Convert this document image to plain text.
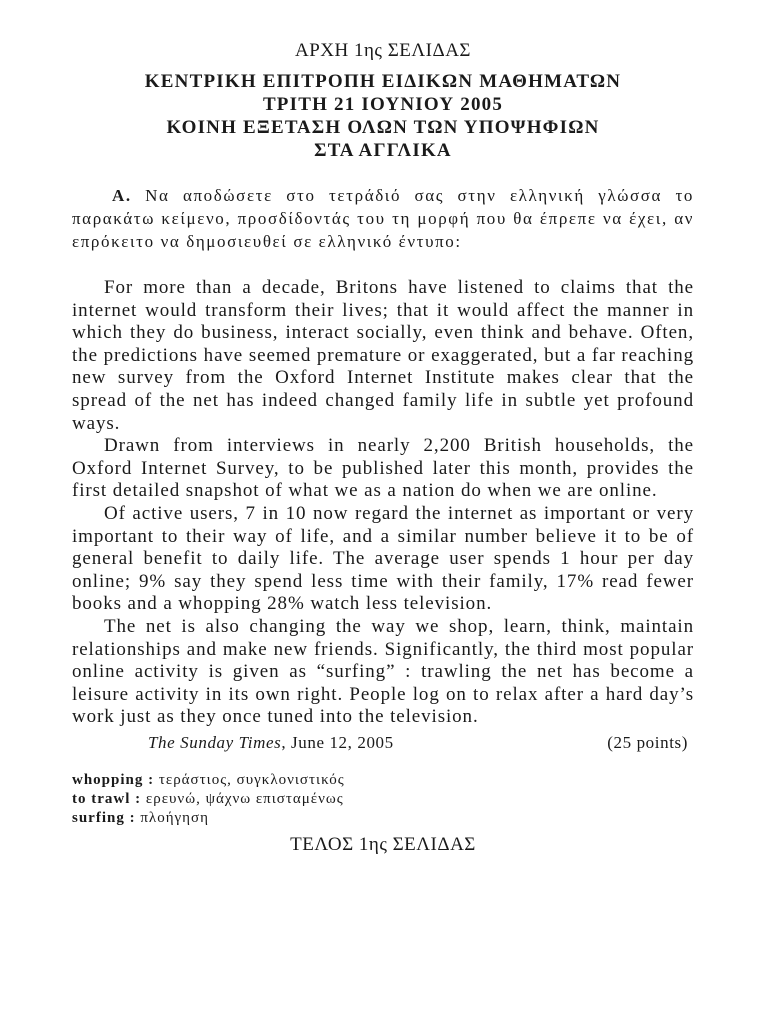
ΑΡΧΗ 1ης ΣΕΛΙΔΑΣ
ΚΕΝΤΡΙΚΗ ΕΠΙΤΡΟΠΗ ΕΙΔΙΚΩΝ ΜΑΘΗΜΑΤΩΝ
ΤΡΙΤΗ 21 ΙΟΥΝΙΟΥ 2005
ΚΟΙΝΗ ΕΞΕΤΑΣΗ ΟΛΩΝ ΤΩΝ ΥΠΟΨΗΦΙΩΝ
ΣΤΑ ΑΓΓΛΙΚΑ
Α. Να αποδώσετε στο τετράδιό σας στην ελληνική γλώσσα το παρακάτω κείμενο, προσδίδοντάς του τη μορφή που θα έπρεπε να έχει, αν επρόκειτο να δημοσιευθεί σε ελληνικό έντυπο:

For more than a decade, Britons have listened to claims that the internet would transform their lives; that it would affect the manner in which they do business, interact socially, even think and behave. Often, the predictions have seemed premature or exaggerated, but a far reaching new survey from the Oxford Internet Institute makes clear that the spread of the net has indeed changed family life in subtle yet profound ways.

Drawn from interviews in nearly 2,200 British households, the Oxford Internet Survey, to be published later this month, provides the first detailed snapshot of what we as a nation do when we are online.

Of active users, 7 in 10 now regard the internet as important or very important to their way of life, and a similar number believe it to be of general benefit to daily life. The average user spends 1 hour per day online; 9% say they spend less time with their family, 17% read fewer books and a whopping 28% watch less television.

The net is also changing the way we shop, learn, think, maintain relationships and make new friends. Significantly, the third most popular online activity is given as “surfing” : trawling the net has become a leisure activity in its own right. People log on to relax after a hard day’s work just as they once tuned into the television.

The Sunday Times, June 12, 2005	(25 points)
whopping : τεράστιος, συγκλονιστικός
to trawl : ερευνώ, ψάχνω επισταμένως
surfing : πλοήγηση
ΤΕΛΟΣ 1ης ΣΕΛΙΔΑΣ
